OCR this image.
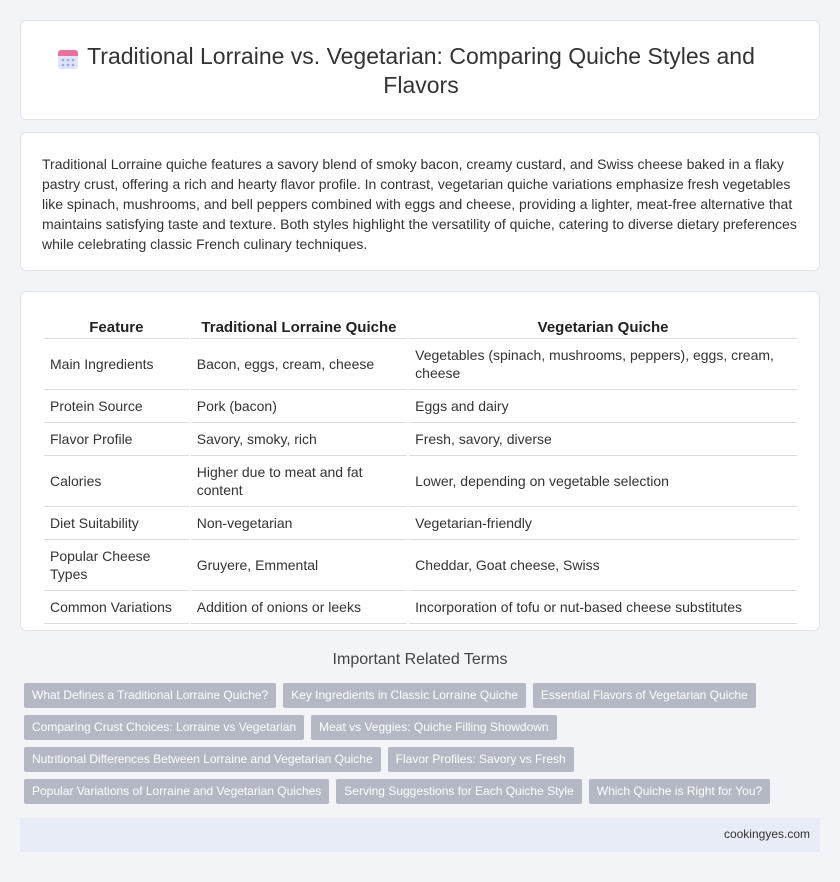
Traditional Lorraine vs. Vegetarian: Comparing Quiche Styles and Flavors

Traditional Lorraine quiche features a savory blend of smoky bacon, creamy custard, and Swiss cheese baked in a flaky pastry crust, offering a rich and hearty flavor profile. In contrast, vegetarian quiche variations emphasize fresh vegetables like spinach, mushrooms, and bell peppers combined with eggs and cheese, providing a lighter, meat-free alternative that maintains satisfying taste and texture. Both styles highlight the versatility of quiche, catering to diverse dietary preferences while celebrating classic French culinary techniques.

Feature	Traditional Lorraine Quiche	Vegetarian Quiche
Main Ingredients	Bacon, eggs, cream, cheese	Vegetables (spinach, mushrooms, peppers), eggs, cream, cheese
Protein Source	Pork (bacon)	Eggs and dairy
Flavor Profile	Savory, smoky, rich	Fresh, savory, diverse
Calories	Higher due to meat and fat content	Lower, depending on vegetable selection
Diet Suitability	Non-vegetarian	Vegetarian-friendly
Popular Cheese Types	Gruyere, Emmental	Cheddar, Goat cheese, Swiss
Common Variations	Addition of onions or leeks	Incorporation of tofu or nut-based cheese substitutes
Important Related Terms
What Defines a Traditional Lorraine Quiche?	Key Ingredients in Classic Lorraine Quiche	Essential Flavors of Vegetarian Quiche
Comparing Crust Choices: Lorraine vs Vegetarian	Meat vs Veggies: Quiche Filling Showdown
Nutritional Differences Between Lorraine and Vegetarian Quiche	Flavor Profiles: Savory vs Fresh
Popular Variations of Lorraine and Vegetarian Quiches	Serving Suggestions for Each Quiche Style	Which Quiche is Right for You?
cookingyes.com
